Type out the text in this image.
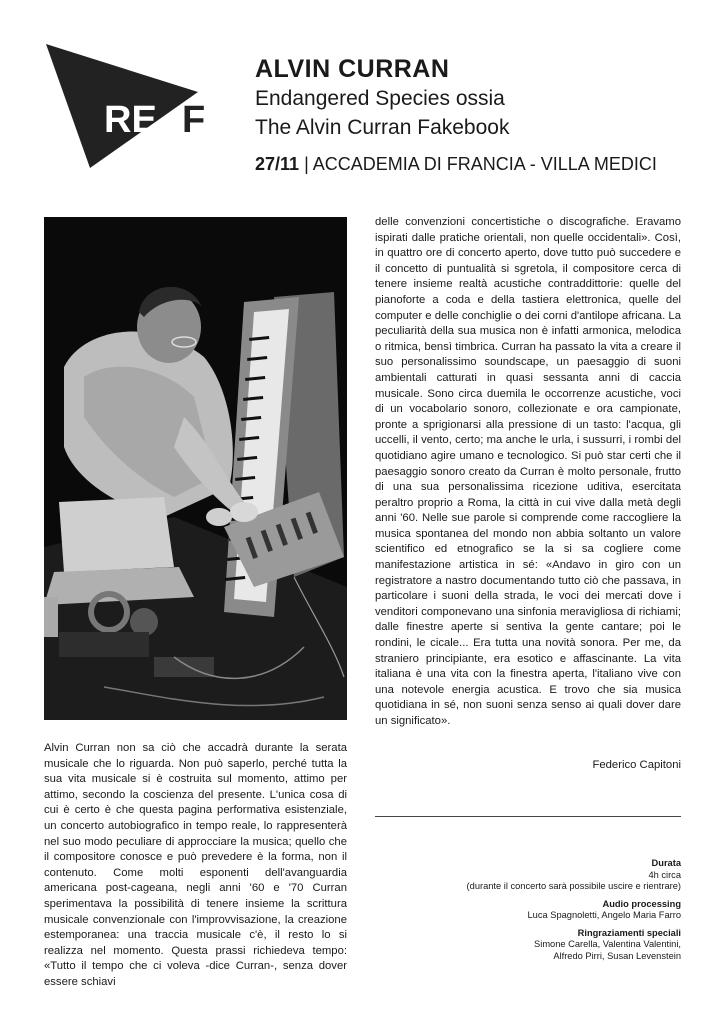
RE F
ALVIN CURRAN
Endangered Species ossia
The Alvin Curran Fakebook
27/11 | ACCADEMIA DI FRANCIA - VILLA MEDICI
Alvin Curran non sa ciò che accadrà durante la serata musicale che lo riguarda. Non può saperlo, perché tutta la sua vita musicale si è costruita sul momento, attimo per attimo, secondo la coscienza del presente. L'unica cosa di cui è certo è che questa pagina performativa esistenziale, un concerto autobiografico in tempo reale, lo rappresenterà nel suo modo peculiare di approcciare la musica; quello che il compositore conosce e può prevedere è la forma, non il contenuto. Come molti esponenti dell'avanguardia americana post-cageana, negli anni '60 e '70 Curran sperimentava la possibilità di tenere insieme la scrittura musicale convenzionale con l'improvvisazione, la creazione estemporanea: una traccia musicale c'è, il resto lo si realizza nel momento. Questa prassi richiedeva tempo: «Tutto il tempo che ci voleva -dice Curran-, senza dover essere schiavi
delle convenzioni concertistiche o discografiche. Eravamo ispirati dalle pratiche orientali, non quelle occidentali». Così, in quattro ore di concerto aperto, dove tutto può succedere e il concetto di puntualità si sgretola, il compositore cerca di tenere insieme realtà acustiche contraddittorie: quelle del pianoforte a coda e della tastiera elettronica, quelle del computer e delle conchiglie o dei corni d'antilope africana. La peculiarità della sua musica non è infatti armonica, melodica o ritmica, bensì timbrica. Curran ha passato la vita a creare il suo personalissimo soundscape, un paesaggio di suoni ambientali catturati in quasi sessanta anni di caccia musicale. Sono circa duemila le occorrenze acustiche, voci di un vocabolario sonoro, collezionate e ora campionate, pronte a sprigionarsi alla pressione di un tasto: l'acqua, gli uccelli, il vento, certo; ma anche le urla, i sussurri, i rombi del quotidiano agire umano e tecnologico. Si può star certi che il paesaggio sonoro creato da Curran è molto personale, frutto di una sua personalissima ricezione uditiva, esercitata peraltro proprio a Roma, la città in cui vive dalla metà degli anni '60. Nelle sue parole si comprende come raccogliere la musica spontanea del mondo non abbia soltanto un valore scientifico ed etnografico se la si sa cogliere come manifestazione artistica in sé: «Andavo in giro con un registratore a nastro documentando tutto ciò che passava, in particolare i suoni della strada, le voci dei mercati dove i venditori componevano una sinfonia meravigliosa di richiami; dalle finestre aperte si sentiva la gente cantare; poi le rondini, le cicale... Era tutta una novità sonora. Per me, da straniero principiante, era esotico e affascinante. La vita italiana è una vita con la finestra aperta, l'italiano vive con una notevole energia acustica. E trovo che sia musica quotidiana in sé, non suoni senza senso ai quali dover dare un significato».
Federico Capitoni
Durata
4h circa
(durante il concerto sarà possibile uscire e rientrare)
Audio processing
Luca Spagnoletti, Angelo Maria Farro
Ringraziamenti speciali
Simone Carella, Valentina Valentini,
Alfredo Pirri, Susan Levenstein
